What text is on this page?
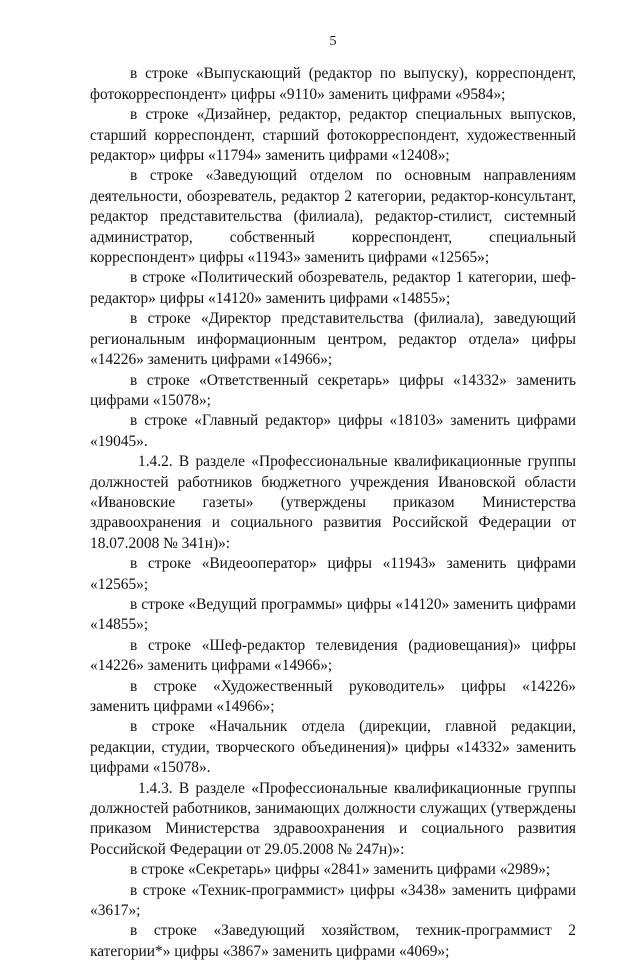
5

в строке «Выпускающий (редактор по выпуску), корреспондент, фотокорреспондент» цифры «9110» заменить цифрами «9584»;

в строке «Дизайнер, редактор, редактор специальных выпусков, старший корреспондент, старший фотокорреспондент, художественный редактор» цифры «11794» заменить цифрами «12408»;

в строке «Заведующий отделом по основным направлениям деятельности, обозреватель, редактор 2 категории, редактор-консультант, редактор представительства (филиала), редактор-стилист, системный администратор, собственный корреспондент, специальный корреспондент» цифры «11943» заменить цифрами «12565»;

в строке «Политический обозреватель, редактор 1 категории, шеф-редактор» цифры «14120» заменить цифрами «14855»;

в строке «Директор представительства (филиала), заведующий региональным информационным центром, редактор отдела» цифры «14226» заменить цифрами «14966»;

в строке «Ответственный секретарь» цифры «14332» заменить цифрами «15078»;

в строке «Главный редактор» цифры «18103» заменить цифрами «19045».

1.4.2. В разделе «Профессиональные квалификационные группы должностей работников бюджетного учреждения Ивановской области «Ивановские газеты» (утверждены приказом Министерства здравоохранения и социального развития Российской Федерации от 18.07.2008 № 341н)»:

в строке «Видеооператор» цифры «11943» заменить цифрами «12565»;

в строке «Ведущий программы» цифры «14120» заменить цифрами «14855»;

в строке «Шеф-редактор телевидения (радиовещания)» цифры «14226» заменить цифрами «14966»;

в строке «Художественный руководитель» цифры «14226» заменить цифрами «14966»;

в строке «Начальник отдела (дирекции, главной редакции, редакции, студии, творческого объединения)» цифры «14332» заменить цифрами «15078».

1.4.3. В разделе «Профессиональные квалификационные группы должностей работников, занимающих должности служащих (утверждены приказом Министерства здравоохранения и социального развития Российской Федерации от 29.05.2008 № 247н)»:

в строке «Секретарь» цифры «2841» заменить цифрами «2989»;

в строке «Техник-программист» цифры «3438» заменить цифрами «3617»;

в строке «Заведующий хозяйством, техник-программист 2 категории*» цифры «3867» заменить цифрами «4069»;
